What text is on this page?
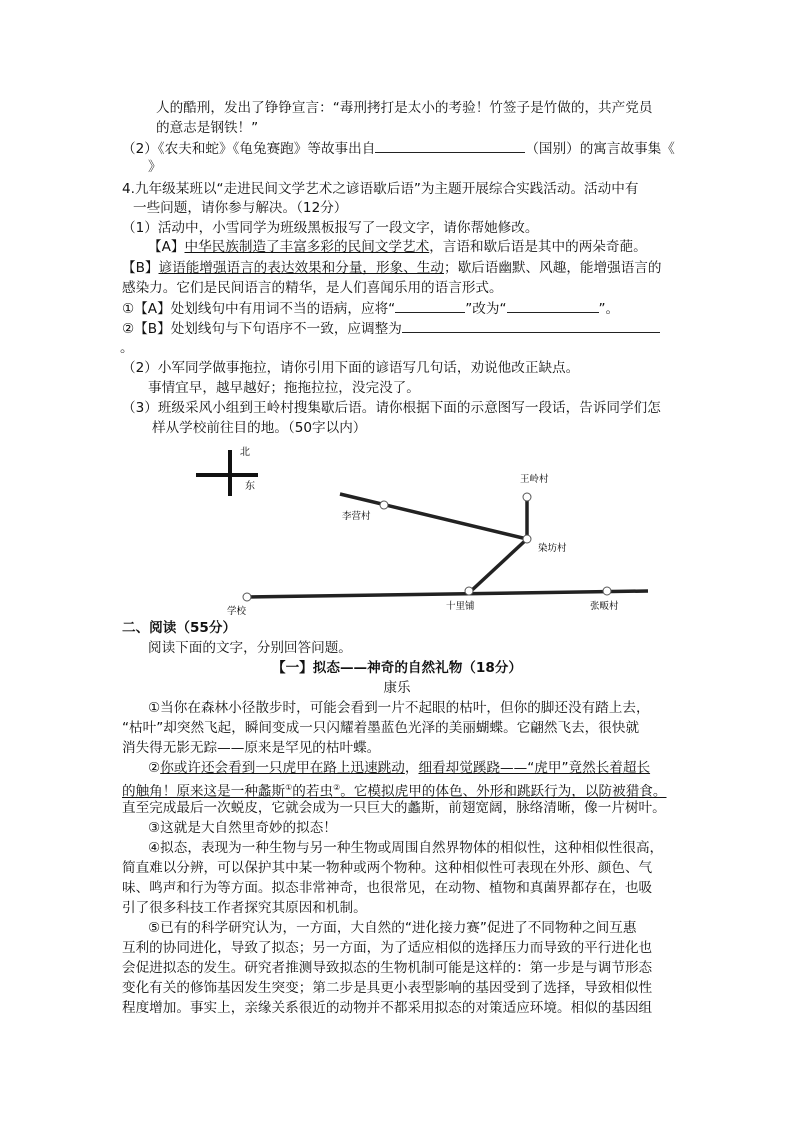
人的酷刑，发出了铮铮宣言：“毒刑拷打是太小的考验！竹签子是竹做的，共产党员
的意志是钢铁！”
（2）《农夫和蛇》《龟兔赛跑》等故事出自	（国别）的寓言故事集《
》
4.九年级某班以“走进民间文学艺术之谚语歇后语”为主题开展综合实践活动。活动中有
一些问题，请你参与解决。（12分）
（1）活动中，小雪同学为班级黑板报写了一段文字，请你帮她修改。
【A】中华民族制造了丰富多彩的民间文学艺术，言语和歇后语是其中的两朵奇葩。
【B】谚语能增强语言的表达效果和分量，形象、生动；歇后语幽默、风趣，能增强语言的
感染力。它们是民间语言的精华，是人们喜闻乐用的语言形式。
①【A】处划线句中有用词不当的语病，应将“	”改为“	”。
②【B】处划线句与下句语序不一致，应调整为
。
（2）小军同学做事拖拉，请你引用下面的谚语写几句话，劝说他改正缺点。
事情宜早，越早越好；拖拖拉拉，没完没了。
（3）班级采风小组到王岭村搜集歇后语。请你根据下面的示意图写一段话，告诉同学们怎
样从学校前往目的地。（50字以内）
北
东
王岭村
李营村
染坊村
学校	十里铺	张畈村
二、阅读（55分）
阅读下面的文字，分别回答问题。
【一】拟态——神奇的自然礼物（18分）
康乐
①当你在森林小径散步时，可能会看到一片不起眼的枯叶，但你的脚还没有踏上去，
“枯叶”却突然飞起，瞬间变成一只闪耀着墨蓝色光泽的美丽蝴蝶。它翩然飞去，很快就
消失得无影无踪——原来是罕见的枯叶蝶。
②你或许还会看到一只虎甲在路上迅速跳动，细看却觉蹊跷——“虎甲”竟然长着超长
的触角！原来这是一种蠡斯①的若虫②。它模拟虎甲的体色、外形和跳跃行为，以防被猎食。
直至完成最后一次蜕皮，它就会成为一只巨大的蠡斯，前翅宽阔，脉络清晰，像一片树叶。
③这就是大自然里奇妙的拟态！
④拟态，表现为一种生物与另一种生物或周围自然界物体的相似性，这种相似性很高，
简直难以分辨，可以保护其中某一物种或两个物种。这种相似性可表现在外形、颜色、气
味、鸣声和行为等方面。拟态非常神奇，也很常见，在动物、植物和真菌界都存在，也吸
引了很多科技工作者探究其原因和机制。
⑤已有的科学研究认为，一方面，大自然的“进化接力赛”促进了不同物种之间互惠
互利的协同进化，导致了拟态；另一方面，为了适应相似的选择压力而导致的平行进化也
会促进拟态的发生。研究者推测导致拟态的生物机制可能是这样的：第一步是与调节形态
变化有关的修饰基因发生突变；第二步是具更小表型影响的基因受到了选择，导致相似性
程度增加。事实上，亲缘关系很近的动物并不都采用拟态的对策适应环境。相似的基因组
